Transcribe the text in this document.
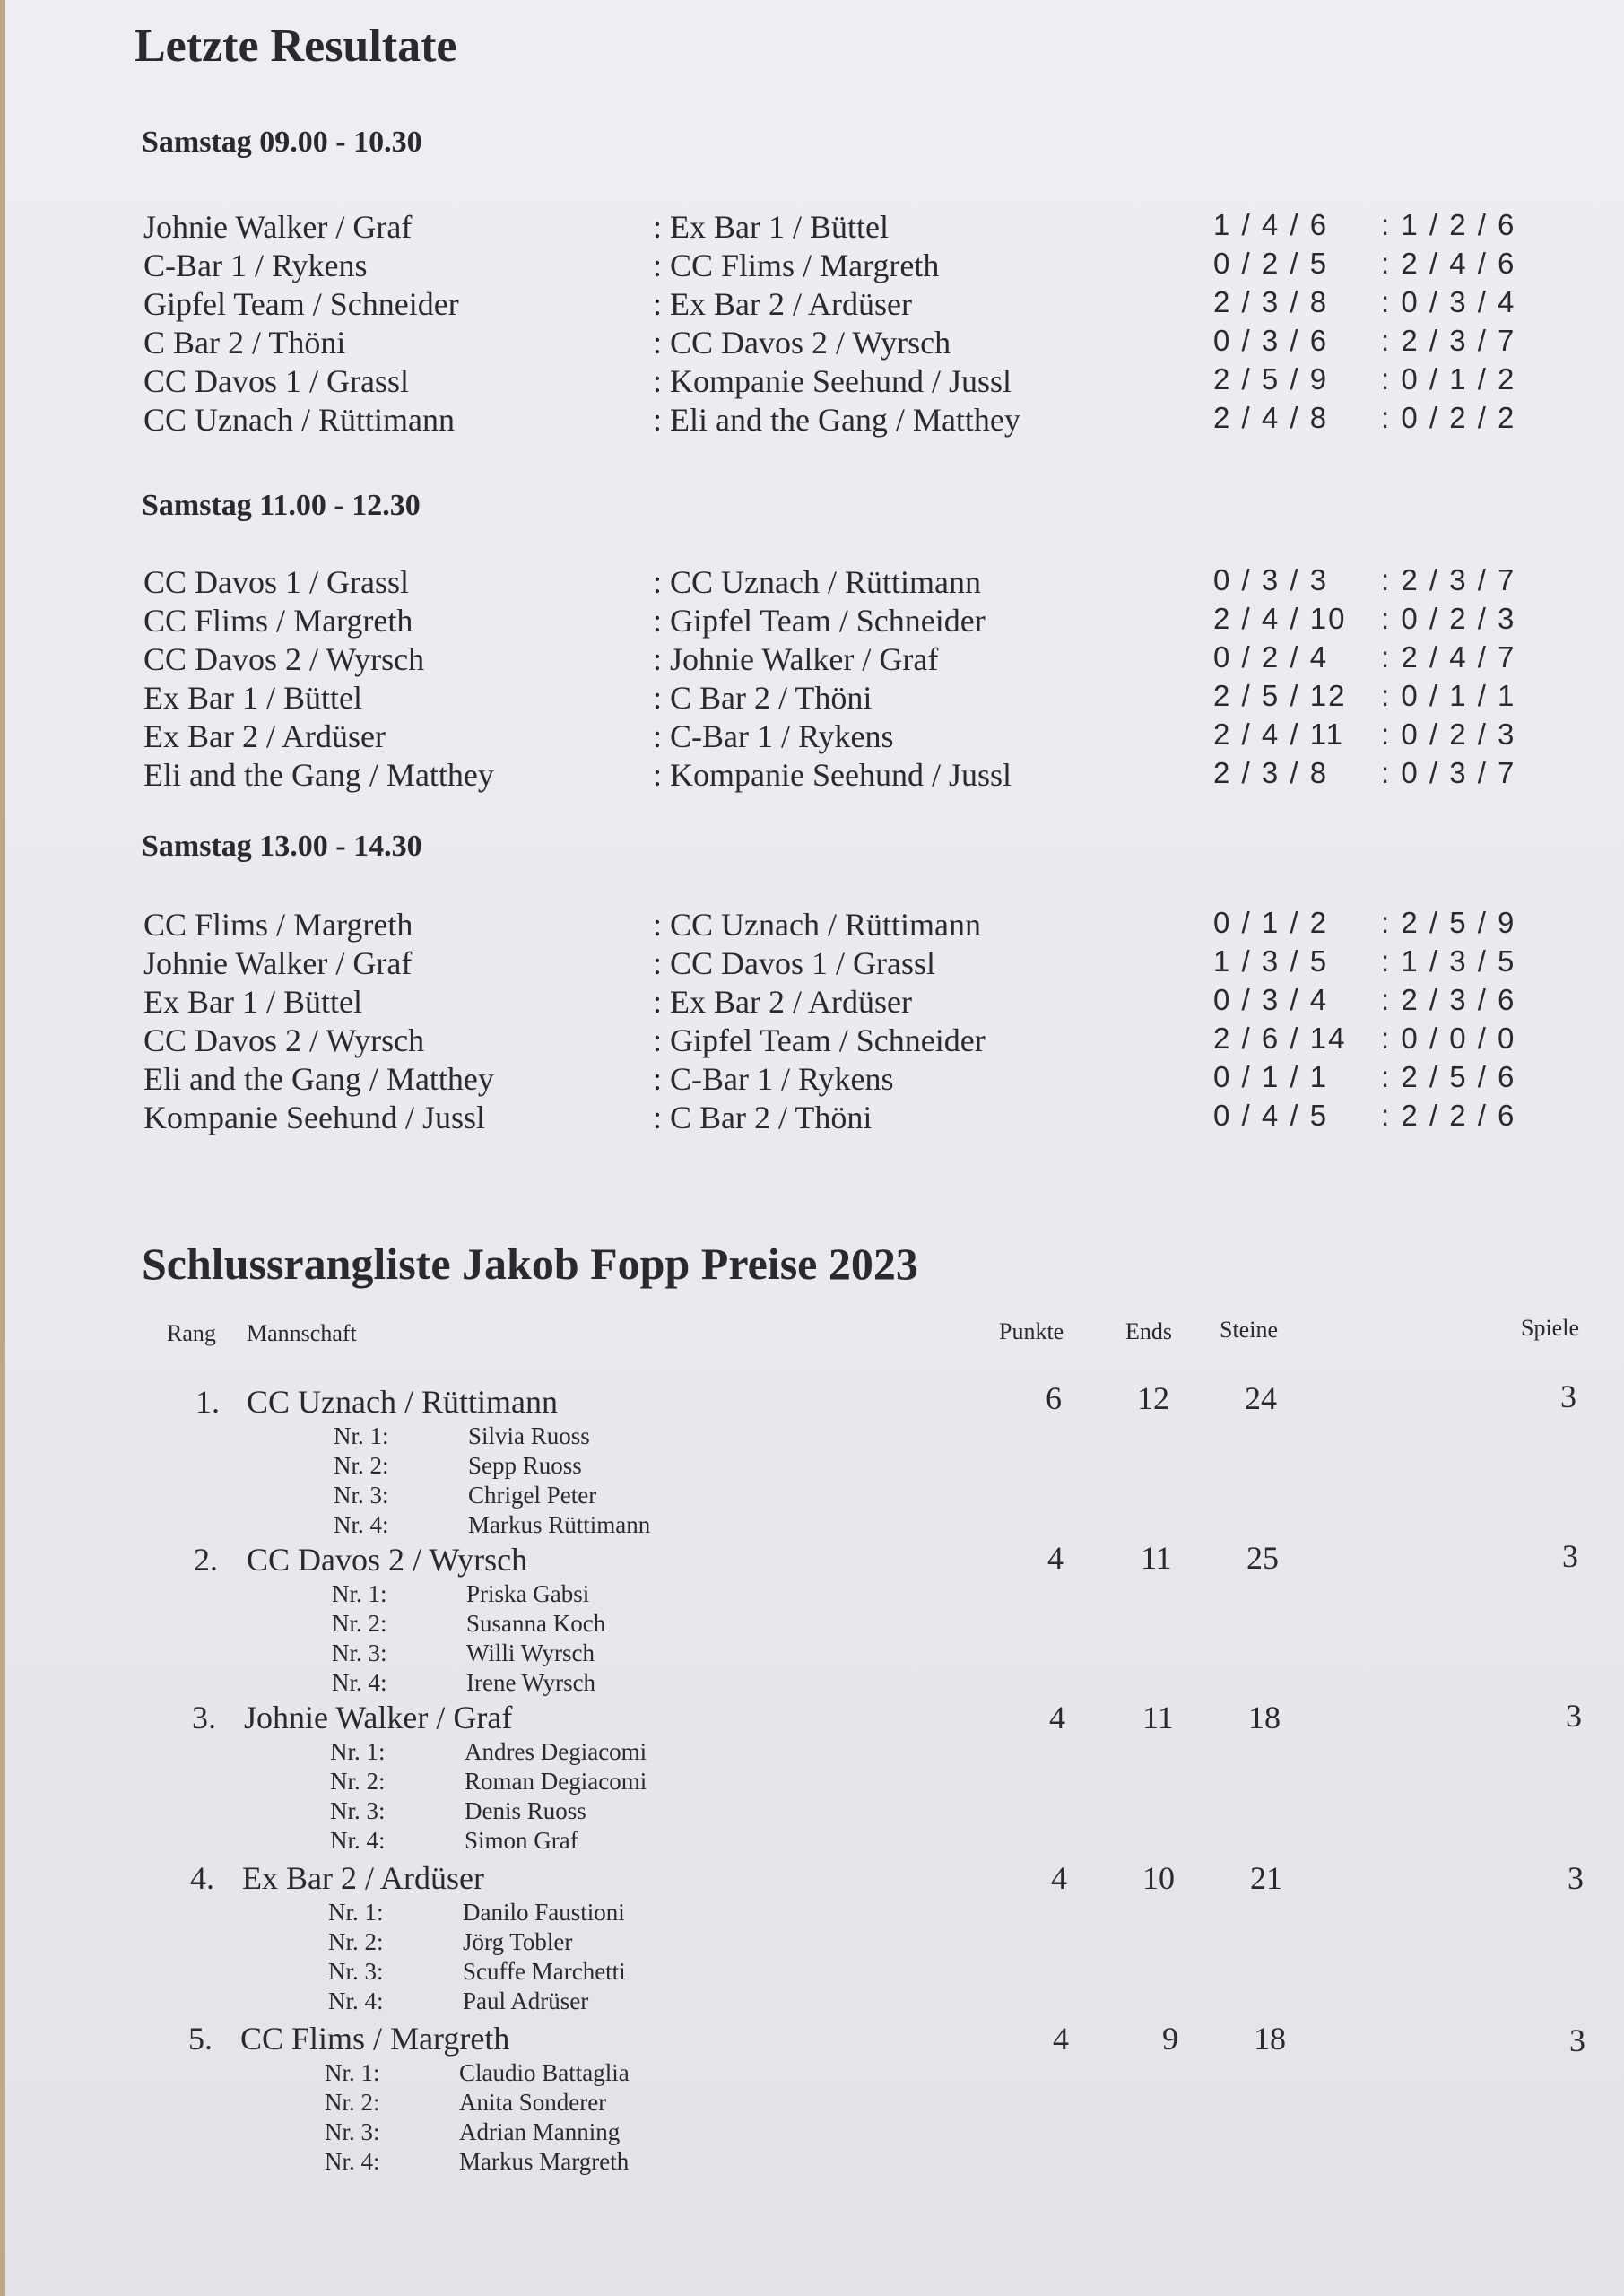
Letzte Resultate
Samstag 09.00 - 10.30
Johnie Walker / Graf	: Ex Bar 1 / Büttel	1 / 4 / 6 : 1 / 2 / 6
C-Bar 1 / Rykens	: CC Flims / Margreth	0 / 2 / 5 : 2 / 4 / 6
Gipfel Team / Schneider	: Ex Bar 2 / Ardüser	2 / 3 / 8 : 0 / 3 / 4
C Bar 2 / Thöni	: CC Davos 2 / Wyrsch	0 / 3 / 6 : 2 / 3 / 7
CC Davos 1 / Grassl	: Kompanie Seehund / Jussl	2 / 5 / 9 : 0 / 1 / 2
CC Uznach / Rüttimann	: Eli and the Gang / Matthey	2 / 4 / 8 : 0 / 2 / 2
Samstag 11.00 - 12.30
CC Davos 1 / Grassl	: CC Uznach / Rüttimann	0 / 3 / 3 : 2 / 3 / 7
CC Flims / Margreth	: Gipfel Team / Schneider	2 / 4 / 10 : 0 / 2 / 3
CC Davos 2 / Wyrsch	: Johnie Walker / Graf	0 / 2 / 4 : 2 / 4 / 7
Ex Bar 1 / Büttel	: C Bar 2 / Thöni	2 / 5 / 12 : 0 / 1 / 1
Ex Bar 2 / Ardüser	: C-Bar 1 / Rykens	2 / 4 / 11 : 0 / 2 / 3
Eli and the Gang / Matthey	: Kompanie Seehund / Jussl	2 / 3 / 8 : 0 / 3 / 7
Samstag 13.00 - 14.30
CC Flims / Margreth	: CC Uznach / Rüttimann	0 / 1 / 2 : 2 / 5 / 9
Johnie Walker / Graf	: CC Davos 1 / Grassl	1 / 3 / 5 : 1 / 3 / 5
Ex Bar 1 / Büttel	: Ex Bar 2 / Ardüser	0 / 3 / 4 : 2 / 3 / 6
CC Davos 2 / Wyrsch	: Gipfel Team / Schneider	2 / 6 / 14 : 0 / 0 / 0
Eli and the Gang / Matthey	: C-Bar 1 / Rykens	0 / 1 / 1 : 2 / 5 / 6
Kompanie Seehund / Jussl	: C Bar 2 / Thöni	0 / 4 / 5 : 2 / 2 / 6
Schlussrangliste Jakob Fopp Preise 2023
Rang Mannschaft	Punkte	Ends Steine	Spiele
1. CC Uznach / Rüttimann	6 12 24	3
Nr. 1:	Silvia Ruoss
Nr. 2:	Sepp Ruoss
Nr. 3:	Chrigel Peter
Nr. 4:	Markus Rüttimann
2. CC Davos 2 / Wyrsch	4 11 25	3
Nr. 1:	Priska Gabsi
Nr. 2:	Susanna Koch
Nr. 3:	Willi Wyrsch
Nr. 4:	Irene Wyrsch
3. Johnie Walker / Graf	4 11 18	3
Nr. 1:	Andres Degiacomi
Nr. 2:	Roman Degiacomi
Nr. 3:	Denis Ruoss
Nr. 4:	Simon Graf
4. Ex Bar 2 / Ardüser	4 10 21	3
Nr. 1:	Danilo Faustioni
Nr. 2:	Jörg Tobler
Nr. 3:	Scuffe Marchetti
Nr. 4:	Paul Adrüser
5. CC Flims / Margreth	4	9 18	3
Nr. 1:	Claudio Battaglia
Nr. 2:	Anita Sonderer
Nr. 3:	Adrian Manning
Nr. 4:	Markus Margreth
